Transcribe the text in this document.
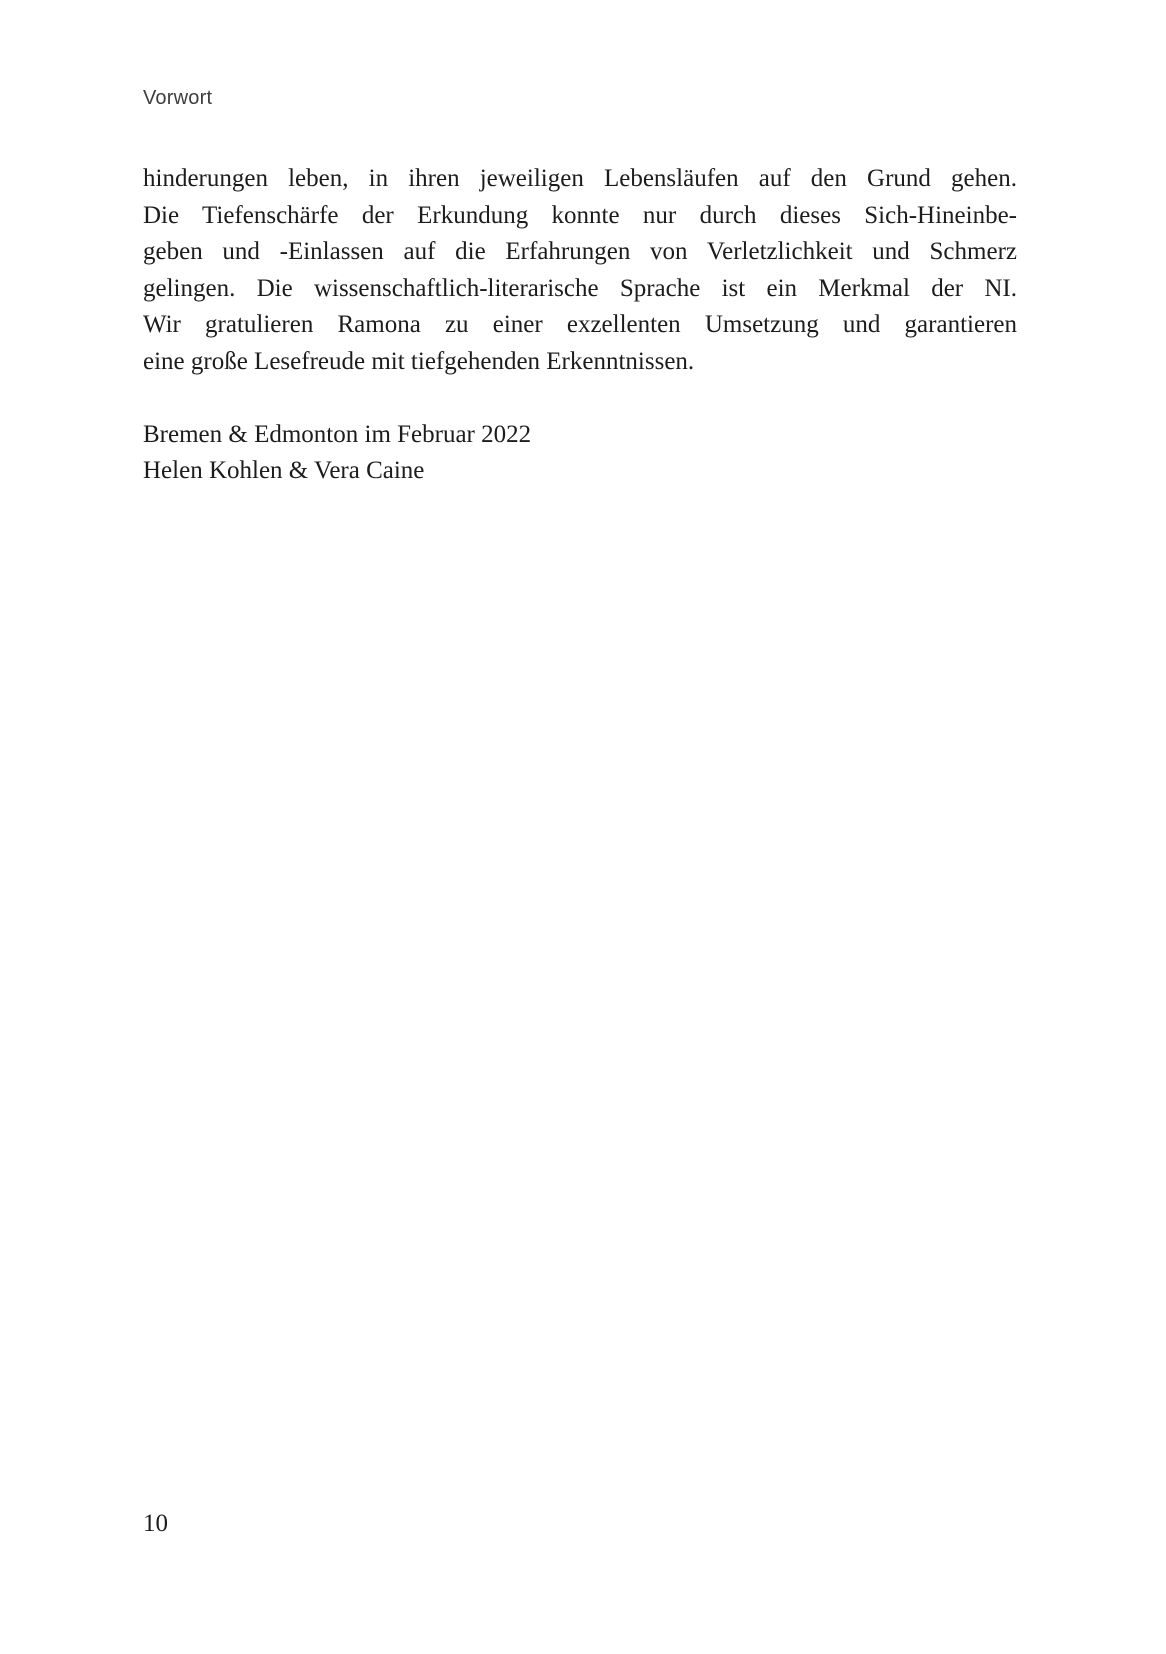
Vorwort
hinderungen leben, in ihren jeweiligen Lebensläufen auf den Grund gehen.
Die Tiefenschärfe der Erkundung konnte nur durch dieses Sich-Hineinbe-
geben und -Einlassen auf die Erfahrungen von Verletzlichkeit und Schmerz
gelingen. Die wissenschaftlich-literarische Sprache ist ein Merkmal der NI.
Wir gratulieren Ramona zu einer exzellenten Umsetzung und garantieren
eine große Lesefreude mit tiefgehenden Erkenntnissen.
Bremen & Edmonton im Februar 2022
Helen Kohlen & Vera Caine
10
